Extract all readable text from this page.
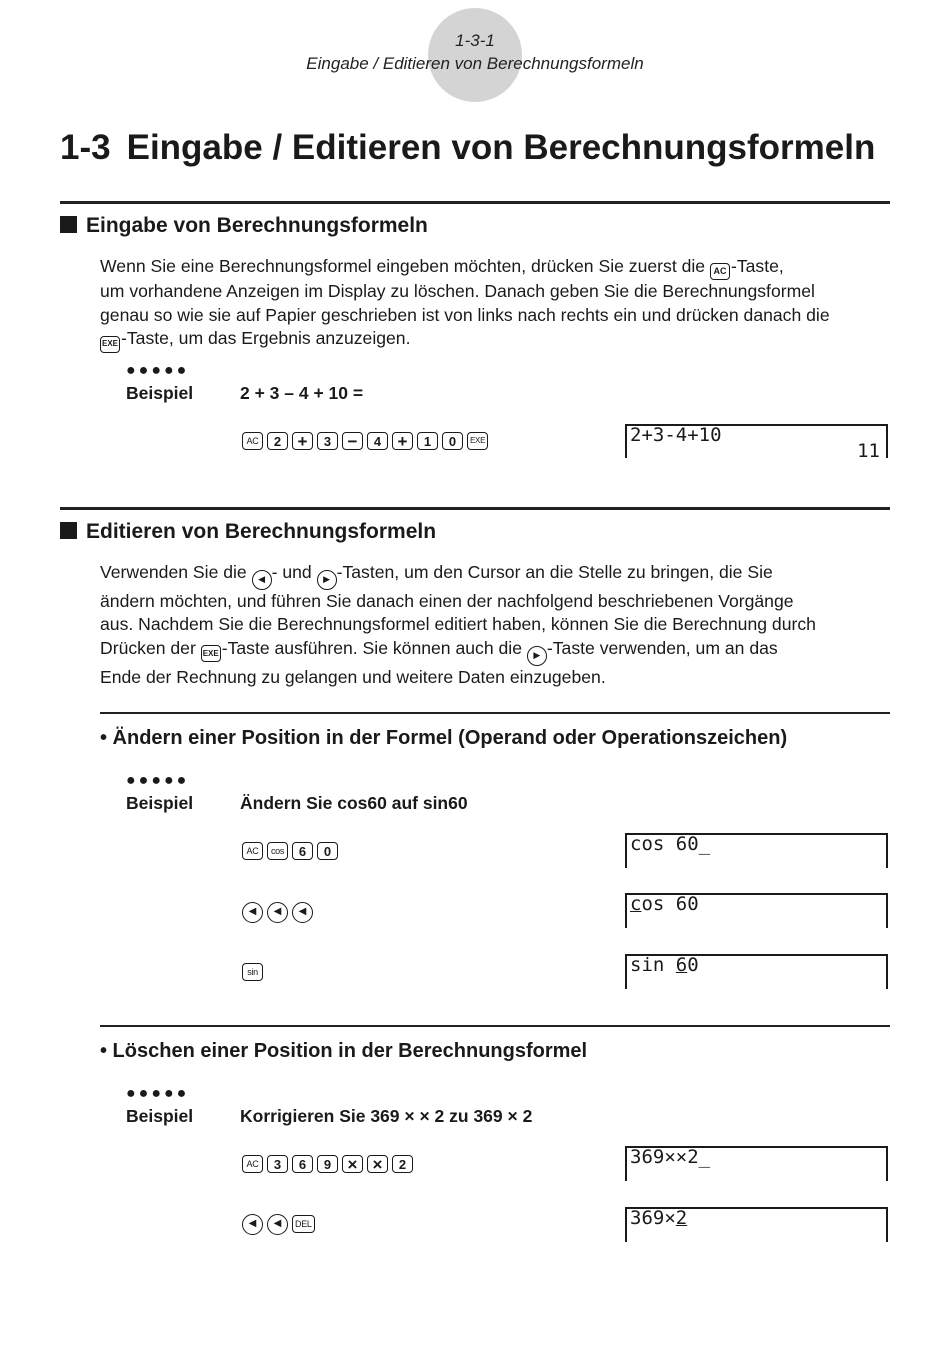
1-3-1
Eingabe / Editieren von Berechnungsformeln
1-3 Eingabe / Editieren von Berechnungsformeln
Eingabe von Berechnungsformeln
Wenn Sie eine Berechnungsformel eingeben möchten, drücken Sie zuerst die AC -Taste,
um vorhandene Anzeigen im Display zu löschen. Danach geben Sie die Berechnungsformel
genau so wie sie auf Papier geschrieben ist von links nach rechts ein und drücken danach die
EXE -Taste, um das Ergebnis anzuzeigen.
●●●●●
Beispiel	2 + 3 – 4 + 10 =
AC	2 +	3 −	4 +	1	0	EXE	2+3-4+10
11
Editieren von Berechnungsformeln
Verwenden Sie die ◀ - und ▶ -Tasten, um den Cursor an die Stelle zu bringen, die Sie
ändern möchten, und führen Sie danach einen der nachfolgend beschriebenen Vorgänge
aus. Nachdem Sie die Berechnungsformel editiert haben, können Sie die Berechnung durch
Drücken der EXE -Taste ausführen. Sie können auch die ▶ -Taste verwenden, um an das
Ende der Rechnung zu gelangen und weitere Daten einzugeben.
• Ändern einer Position in der Formel (Operand oder Operationszeichen)
●●●●●
Beispiel	Ändern Sie cos60 auf sin60
AC	cos	6	0	cos 60_
◀	◀	◀	cos 60
sin	sin 60
• Löschen einer Position in der Berechnungsformel
●●●●●
Beispiel	Korrigieren Sie 369 × × 2 zu 369 × 2
AC	3	6	9 × ×	2	369××2_
◀	◀	DEL	369×2
